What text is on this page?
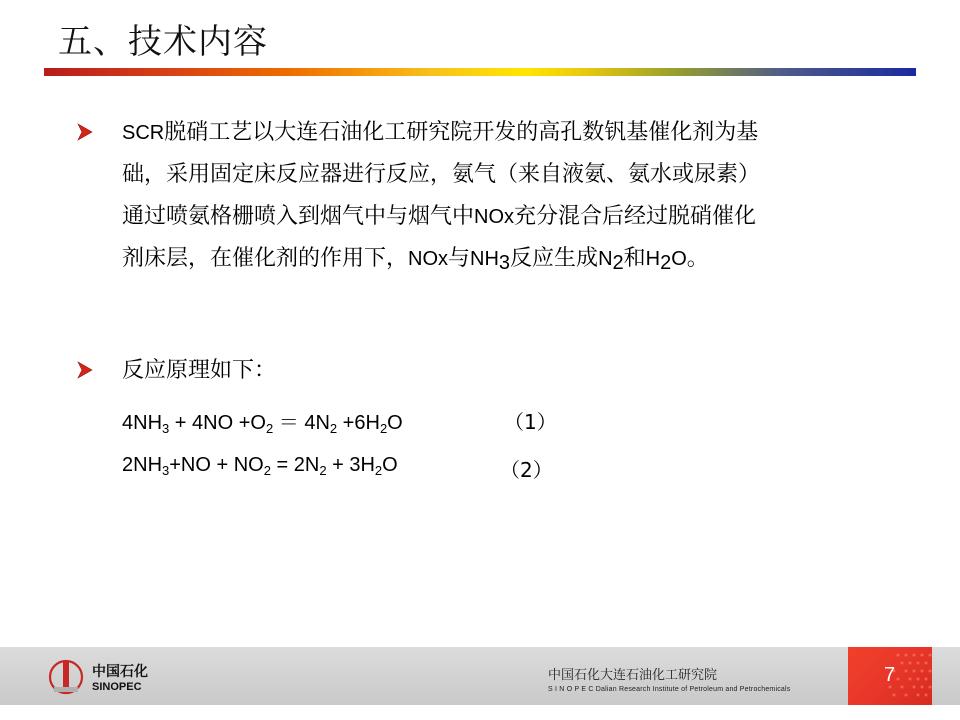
五、技术内容
SCR脱硝工艺以大连石油化工研究院开发的高孔数钒基催化剂为基
础，采用固定床反应器进行反应，氨气（来自液氨、氨水或尿素）
通过喷氨格栅喷入到烟气中与烟气中NOx充分混合后经过脱硝催化
剂床层，在催化剂的作用下，NOx与$NH_3$反应生成$N_2$和$H_2O$。
反应原理如下：
$4NH_3 + 4NO +O_2 = 4N_2 +6H_2O$	（1）
$2NH_3+NO + NO_2 = 2N_2 + 3H_2O$	（2）
中国石化
SINOPEC
中国石化大连石油化工研究院
S I N O P E C Dalian Research Institute of Petroleum and Petrochemicals
7
